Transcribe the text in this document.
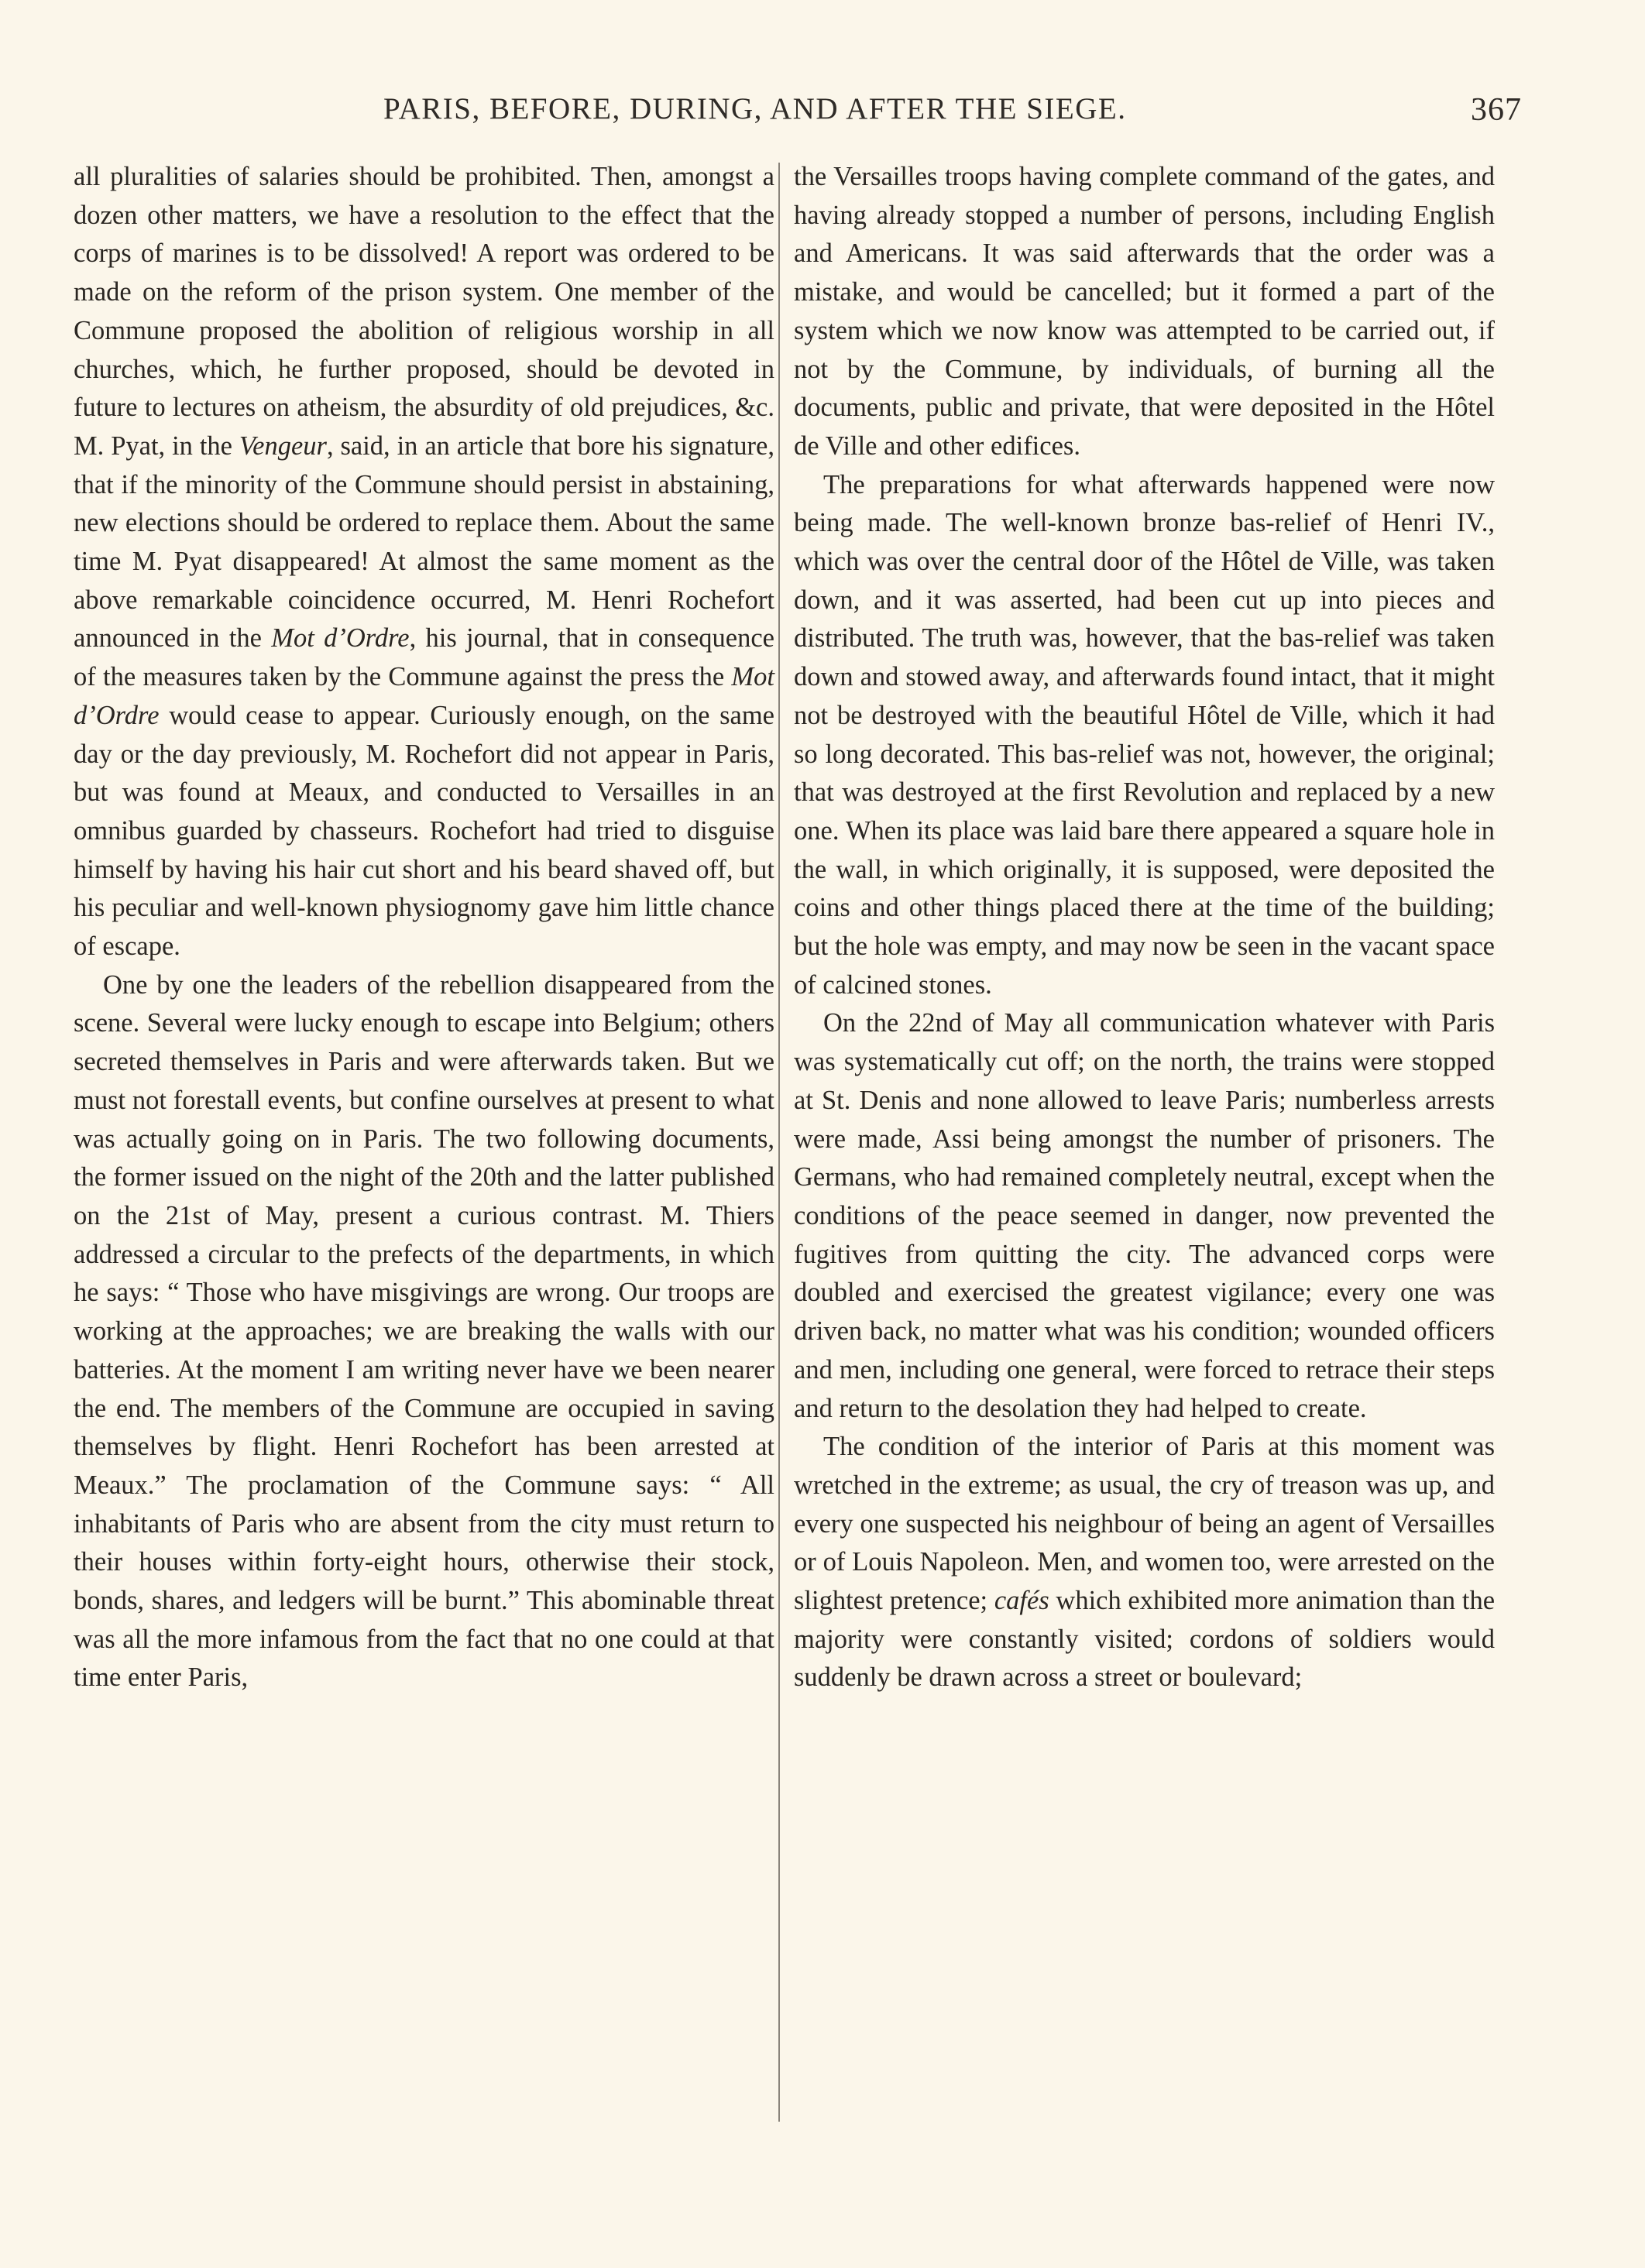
PARIS, BEFORE, DURING, AND AFTER THE SIEGE.	367

all pluralities of salaries should be prohibited. Then, amongst a dozen other matters, we have a resolution to the effect that the corps of marines is to be dissolved! A report was ordered to be made on the reform of the prison system. One member of the Commune proposed the abolition of religious worship in all churches, which, he further proposed, should be devoted in future to lectures on atheism, the absurdity of old prejudices, &c. M. Pyat, in the Vengeur, said, in an article that bore his signature, that if the minority of the Commune should persist in abstaining, new elections should be ordered to replace them. About the same time M. Pyat disappeared! At almost the same moment as the above remarkable coincidence occurred, M. Henri Rochefort announced in the Mot d’Ordre, his journal, that in consequence of the measures taken by the Commune against the press the Mot d’Ordre would cease to appear. Curiously enough, on the same day or the day previously, M. Rochefort did not appear in Paris, but was found at Meaux, and conducted to Versailles in an omnibus guarded by chasseurs. Rochefort had tried to disguise himself by having his hair cut short and his beard shaved off, but his peculiar and well-known physiognomy gave him little chance of escape.

One by one the leaders of the rebellion disappeared from the scene. Several were lucky enough to escape into Belgium; others secreted themselves in Paris and were afterwards taken. But we must not forestall events, but confine ourselves at present to what was actually going on in Paris. The two following documents, the former issued on the night of the 20th and the latter published on the 21st of May, present a curious contrast. M. Thiers addressed a circular to the prefects of the departments, in which he says: “ Those who have misgivings are wrong. Our troops are working at the approaches; we are breaking the walls with our batteries. At the moment I am writing never have we been nearer the end. The members of the Commune are occupied in saving themselves by flight. Henri Rochefort has been arrested at Meaux.” The proclamation of the Commune says: “ All inhabitants of Paris who are absent from the city must return to their houses within forty-eight hours, otherwise their stock, bonds, shares, and ledgers will be burnt.” This abominable threat was all the more infamous from the fact that no one could at that time enter Paris,

the Versailles troops having complete command of the gates, and having already stopped a number of persons, including English and Americans. It was said afterwards that the order was a mistake, and would be cancelled; but it formed a part of the system which we now know was attempted to be carried out, if not by the Commune, by individuals, of burning all the documents, public and private, that were deposited in the Hôtel de Ville and other edifices.

The preparations for what afterwards happened were now being made. The well-known bronze bas-relief of Henri IV., which was over the central door of the Hôtel de Ville, was taken down, and it was asserted, had been cut up into pieces and distributed. The truth was, however, that the bas-relief was taken down and stowed away, and afterwards found intact, that it might not be destroyed with the beautiful Hôtel de Ville, which it had so long decorated. This bas-relief was not, however, the original; that was destroyed at the first Revolution and replaced by a new one. When its place was laid bare there appeared a square hole in the wall, in which originally, it is supposed, were deposited the coins and other things placed there at the time of the building; but the hole was empty, and may now be seen in the vacant space of calcined stones.

On the 22nd of May all communication whatever with Paris was systematically cut off; on the north, the trains were stopped at St. Denis and none allowed to leave Paris; numberless arrests were made, Assi being amongst the number of prisoners. The Germans, who had remained completely neutral, except when the conditions of the peace seemed in danger, now prevented the fugitives from quitting the city. The advanced corps were doubled and exercised the greatest vigilance; every one was driven back, no matter what was his condition; wounded officers and men, including one general, were forced to retrace their steps and return to the desolation they had helped to create.

The condition of the interior of Paris at this moment was wretched in the extreme; as usual, the cry of treason was up, and every one suspected his neighbour of being an agent of Versailles or of Louis Napoleon. Men, and women too, were arrested on the slightest pretence; cafés which exhibited more animation than the majority were constantly visited; cordons of soldiers would suddenly be drawn across a street or boulevard;
